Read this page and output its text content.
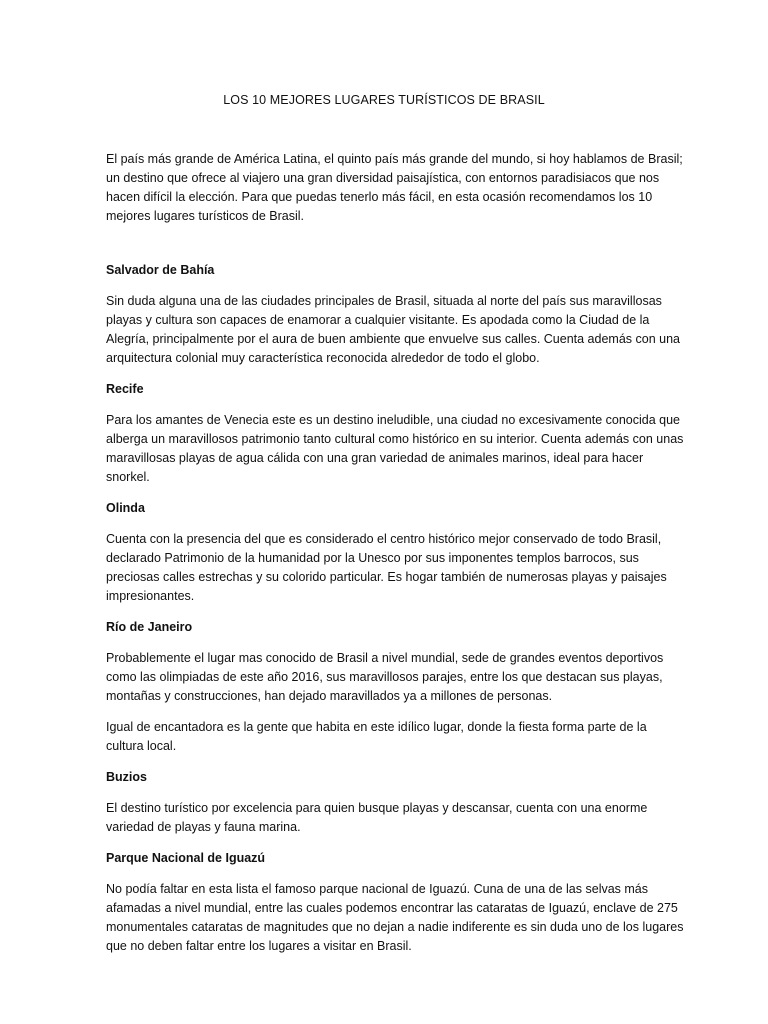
LOS 10 MEJORES LUGARES TURÍSTICOS DE BRASIL

El país más grande de América Latina, el quinto país más grande del mundo, si hoy hablamos de Brasil; un destino que ofrece al viajero una gran diversidad paisajística, con entornos paradisiacos que nos hacen difícil la elección. Para que puedas tenerlo más fácil, en esta ocasión recomendamos los 10 mejores lugares turísticos de Brasil.

Salvador de Bahía

Sin duda alguna una de las ciudades principales de Brasil, situada al norte del país sus maravillosas playas y cultura son capaces de enamorar a cualquier visitante. Es apodada como la Ciudad de la Alegría, principalmente por el aura de buen ambiente que envuelve sus calles. Cuenta además con una arquitectura colonial muy característica reconocida alrededor de todo el globo.

Recife

Para los amantes de Venecia este es un destino ineludible, una ciudad no excesivamente conocida que alberga un maravillosos patrimonio tanto cultural como histórico en su interior. Cuenta además con unas maravillosas playas de agua cálida con una gran variedad de animales marinos, ideal para hacer snorkel.

Olinda

Cuenta con la presencia del que es considerado el centro histórico mejor conservado de todo Brasil, declarado Patrimonio de la humanidad por la Unesco por sus imponentes templos barrocos, sus preciosas calles estrechas y su colorido particular. Es hogar también de numerosas playas y paisajes impresionantes.

Río de Janeiro

Probablemente el lugar mas conocido de Brasil a nivel mundial, sede de grandes eventos deportivos como las olimpiadas de este año 2016, sus maravillosos parajes, entre los que destacan sus playas, montañas y construcciones, han dejado maravillados ya a millones de personas.

Igual de encantadora es la gente que habita en este idílico lugar, donde la fiesta forma parte de la cultura local.

Buzios

El destino turístico por excelencia para quien busque playas y descansar, cuenta con una enorme variedad de playas y fauna marina.

Parque Nacional de Iguazú

No podía faltar en esta lista el famoso parque nacional de Iguazú. Cuna de una de las selvas más afamadas a nivel mundial, entre las cuales podemos encontrar las cataratas de Iguazú, enclave de 275 monumentales cataratas de magnitudes que no dejan a nadie indiferente es sin duda uno de los lugares que no deben faltar entre los lugares a visitar en Brasil.
